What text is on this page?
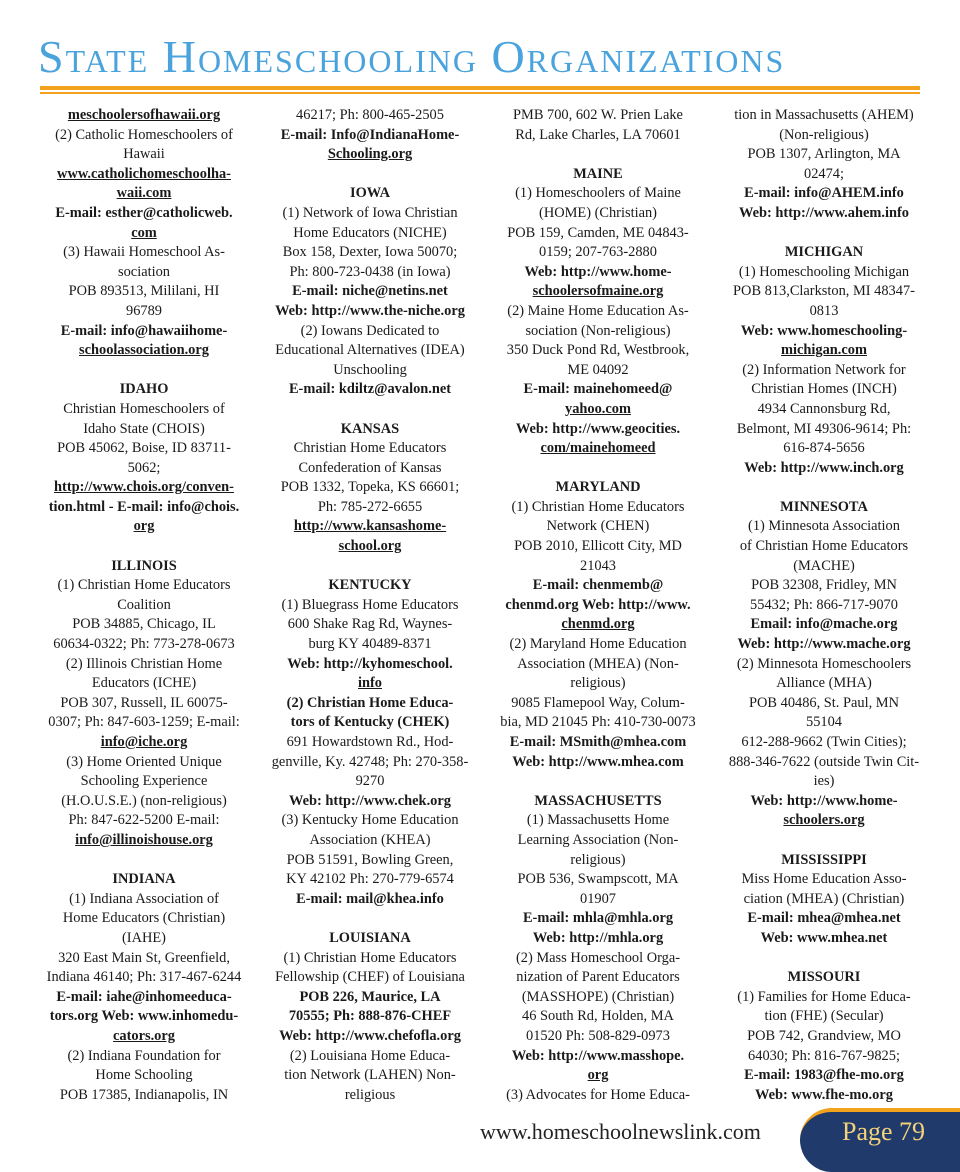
State Homeschooling Organizations

meschoolersofhawaii.org

(2) Catholic Homeschoolers of

Hawaii

www.catholichomeschoolha-

waii.com

E-mail: esther@catholicweb.

com

(3) Hawaii Homeschool As-

sociation

POB 893513, Mililani, HI

96789

E-mail: info@hawaiihome-

schoolassociation.org

IDAHO

Christian Homeschoolers of

Idaho State (CHOIS)

POB 45062, Boise, ID 83711-

5062;

http://www.chois.org/conven-

tion.html - E-mail: info@chois.

org

ILLINOIS

(1) Christian Home Educators

Coalition

POB 34885, Chicago, IL

60634-0322; Ph: 773-278-0673

(2) Illinois Christian Home

Educators (ICHE)

POB 307, Russell, IL 60075-

0307; Ph: 847-603-1259; E-mail:

info@iche.org

(3) Home Oriented Unique

Schooling Experience

(H.O.U.S.E.) (non-religious)

Ph: 847-622-5200 E-mail:

info@illinoishouse.org

INDIANA

(1) Indiana Association of

Home Educators (Christian)

(IAHE)

320 East Main St, Greenfield,

Indiana 46140; Ph: 317-467-6244

E-mail: iahe@inhomeeduca-

tors.org Web: www.inhomedu-

cators.org

(2) Indiana Foundation for

Home Schooling

POB 17385, Indianapolis, IN

46217; Ph: 800-465-2505

E-mail: Info@IndianaHome-

Schooling.org

IOWA

(1) Network of Iowa Christian

Home Educators (NICHE)

Box 158, Dexter, Iowa 50070;

Ph: 800-723-0438 (in Iowa)

E-mail: niche@netins.net

Web: http://www.the-niche.org

(2) Iowans Dedicated to

Educational Alternatives (IDEA)

Unschooling

E-mail: kdiltz@avalon.net

KANSAS

Christian Home Educators

Confederation of Kansas

POB 1332, Topeka, KS 66601;

Ph: 785-272-6655

http://www.kansashome-

school.org

KENTUCKY

(1) Bluegrass Home Educators

600 Shake Rag Rd, Waynes-

burg KY 40489-8371

Web: http://kyhomeschool.

info

(2) Christian Home Educa-

tors of Kentucky (CHEK)

691 Howardstown Rd., Hod-

genville, Ky. 42748; Ph: 270-358-

9270

Web: http://www.chek.org

(3) Kentucky Home Education

Association (KHEA)

POB 51591, Bowling Green,

KY 42102 Ph: 270-779-6574

E-mail: mail@khea.info

LOUISIANA

(1) Christian Home Educators

Fellowship (CHEF) of Louisiana

POB 226, Maurice, LA

70555; Ph: 888-876-CHEF

Web: http://www.chefofla.org

(2) Louisiana Home Educa-

tion Network (LAHEN) Non-

religious

PMB 700, 602 W. Prien Lake

Rd, Lake Charles, LA 70601

MAINE

(1) Homeschoolers of Maine

(HOME) (Christian)

POB 159, Camden, ME 04843-

0159; 207-763-2880

Web: http://www.home-

schoolersofmaine.org

(2) Maine Home Education As-

sociation (Non-religious)

350 Duck Pond Rd, Westbrook,

ME 04092

E-mail: mainehomeed@

yahoo.com

Web: http://www.geocities.

com/mainehomeed

MARYLAND

(1) Christian Home Educators

Network (CHEN)

POB 2010, Ellicott City, MD

21043

E-mail: chenmemb@

chenmd.org Web: http://www.

chenmd.org

(2) Maryland Home Education

Association (MHEA) (Non-

religious)

9085 Flamepool Way, Colum-

bia, MD 21045 Ph: 410-730-0073

E-mail: MSmith@mhea.com

Web: http://www.mhea.com

MASSACHUSETTS

(1) Massachusetts Home

Learning Association (Non-

religious)

POB 536, Swampscott, MA

01907

E-mail: mhla@mhla.org

Web: http://mhla.org

(2) Mass Homeschool Orga-

nization of Parent Educators

(MASSHOPE) (Christian)

46 South Rd, Holden, MA

01520 Ph: 508-829-0973

Web: http://www.masshope.

org

(3) Advocates for Home Educa-

tion in Massachusetts (AHEM)

(Non-religious)

POB 1307, Arlington, MA

02474;

E-mail: info@AHEM.info

Web: http://www.ahem.info

MICHIGAN

(1) Homeschooling Michigan

POB 813,Clarkston, MI 48347-

0813

Web: www.homeschooling-

michigan.com

(2) Information Network for

Christian Homes (INCH)

4934 Cannonsburg Rd,

Belmont, MI 49306-9614; Ph:

616-874-5656

Web: http://www.inch.org

MINNESOTA

(1) Minnesota Association

of Christian Home Educators

(MACHE)

POB 32308, Fridley, MN

55432; Ph: 866-717-9070

Email: info@mache.org

Web: http://www.mache.org

(2) Minnesota Homeschoolers

Alliance (MHA)

POB 40486, St. Paul, MN

55104

612-288-9662 (Twin Cities);

888-346-7622 (outside Twin Cit-

ies)

Web: http://www.home-

schoolers.org

MISSISSIPPI

Miss Home Education Asso-

ciation (MHEA) (Christian)

E-mail: mhea@mhea.net

Web: www.mhea.net

MISSOURI

(1) Families for Home Educa-

tion (FHE) (Secular)

POB 742, Grandview, MO

64030; Ph: 816-767-9825;

E-mail: 1983@fhe-mo.org

Web: www.fhe-mo.org

www.homeschoolnewslink.com	Page 79
